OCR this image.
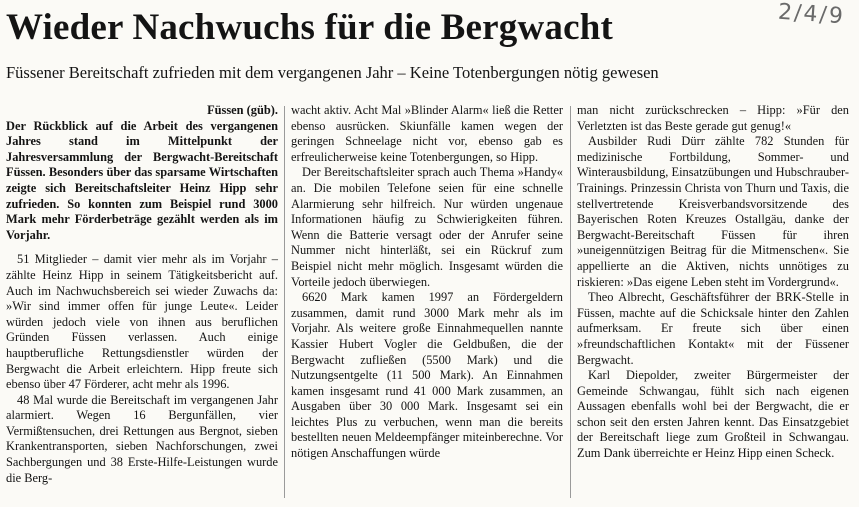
2/4/9
Wieder Nachwuchs für die Bergwacht
Füssener Bereitschaft zufrieden mit dem vergangenen Jahr – Keine Totenbergungen nötig gewesen

Füssen (güb).

Der Rückblick auf die Arbeit des vergangenen Jahres stand im Mittelpunkt der Jahresversammlung der Bergwacht-Bereitschaft Füssen. Besonders über das sparsame Wirtschaften zeigte sich Bereitschaftsleiter Heinz Hipp sehr zufrieden. So konnten zum Beispiel rund 3000 Mark mehr Förderbeträge gezählt werden als im Vorjahr.

51 Mitglieder – damit vier mehr als im Vorjahr – zählte Heinz Hipp in seinem Tätigkeitsbericht auf. Auch im Nachwuchsbereich sei wieder Zuwachs da: »Wir sind immer offen für junge Leute«. Leider würden jedoch viele von ihnen aus beruflichen Gründen Füssen verlassen. Auch einige hauptberufliche Rettungsdienstler würden der Bergwacht die Arbeit erleichtern. Hipp freute sich ebenso über 47 Förderer, acht mehr als 1996.

48 Mal wurde die Bereitschaft im vergangenen Jahr alarmiert. Wegen 16 Bergunfällen, vier Vermißtensuchen, drei Rettungen aus Bergnot, sieben Krankentransporten, sieben Nachforschungen, zwei Sachbergungen und 38 Erste-Hilfe-Leistungen wurde die Berg-

wacht aktiv. Acht Mal »Blinder Alarm« ließ die Retter ebenso ausrücken. Skiunfälle kamen wegen der geringen Schneelage nicht vor, ebenso gab es erfreulicherweise keine Totenbergungen, so Hipp.

Der Bereitschaftsleiter sprach auch Thema »Handy« an. Die mobilen Telefone seien für eine schnelle Alarmierung sehr hilfreich. Nur würden ungenaue Informationen häufig zu Schwierigkeiten führen. Wenn die Batterie versagt oder der Anrufer seine Nummer nicht hinterläßt, sei ein Rückruf zum Beispiel nicht mehr möglich. Insgesamt würden die Vorteile jedoch überwiegen.

6620 Mark kamen 1997 an Fördergeldern zusammen, damit rund 3000 Mark mehr als im Vorjahr. Als weitere große Einnahmequellen nannte Kassier Hubert Vogler die Geldbußen, die der Bergwacht zufließen (5500 Mark) und die Nutzungsentgelte (11 500 Mark). An Einnahmen kamen insgesamt rund 41 000 Mark zusammen, an Ausgaben über 30 000 Mark. Insgesamt sei ein leichtes Plus zu verbuchen, wenn man die bereits bestellten neuen Meldeempfänger miteinberechne. Vor nötigen Anschaffungen würde

man nicht zurückschrecken – Hipp: »Für den Verletzten ist das Beste gerade gut genug!«

Ausbilder Rudi Dürr zählte 782 Stunden für medizinische Fortbildung, Sommer- und Winterausbildung, Einsatzübungen und Hubschrauber-Trainings. Prinzessin Christa von Thurn und Taxis, die stellvertretende Kreisverbandsvorsitzende des Bayerischen Roten Kreuzes Ostallgäu, danke der Bergwacht-Bereitschaft Füssen für ihren »uneigennützigen Beitrag für die Mitmenschen«. Sie appellierte an die Aktiven, nichts unnötiges zu riskieren: »Das eigene Leben steht im Vordergrund«.

Theo Albrecht, Geschäftsführer der BRK-Stelle in Füssen, machte auf die Schicksale hinter den Zahlen aufmerksam. Er freute sich über einen »freundschaftlichen Kontakt« mit der Füssener Bergwacht.

Karl Diepolder, zweiter Bürgermeister der Gemeinde Schwangau, fühlt sich nach eigenen Aussagen ebenfalls wohl bei der Bergwacht, die er schon seit den ersten Jahren kennt. Das Einsatzgebiet der Bereitschaft liege zum Großteil in Schwangau. Zum Dank überreichte er Heinz Hipp einen Scheck.
